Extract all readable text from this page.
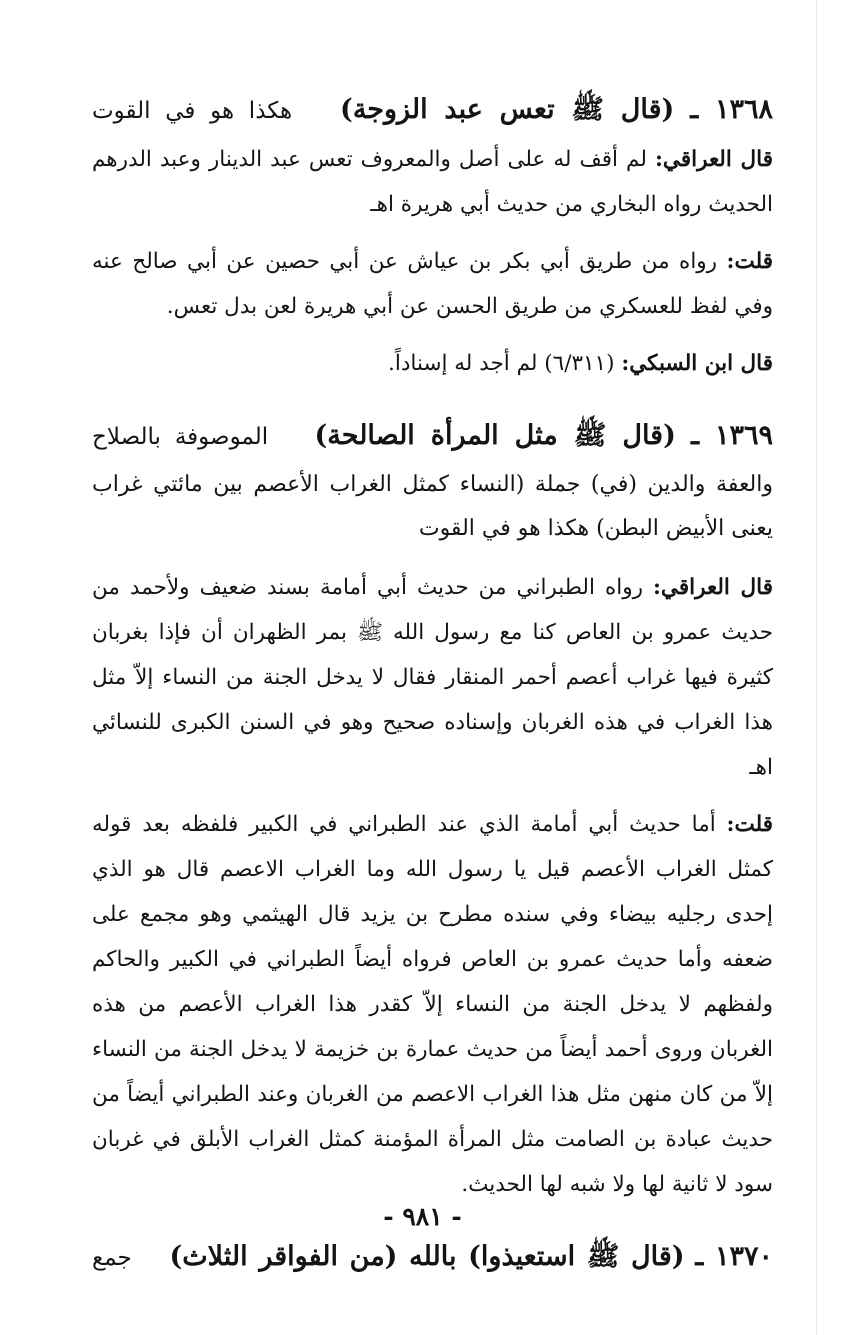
١٣٦٨ ـ (قال ﷺ تعس عبد الزوجة)  هكذا هو في القوت

قال العراقي: لم أقف له على أصل والمعروف تعس عبد الدينار وعبد الدرهم الحديث رواه البخاري من حديث أبي هريرة اهـ

قلت: رواه من طريق أبي بكر بن عياش عن أبي حصين عن أبي صالح عنه وفي لفظ للعسكري من طريق الحسن عن أبي هريرة لعن بدل تعس.

قال ابن السبكي: (٦/٣١١) لم أجد له إسناداً.

١٣٦٩ ـ (قال ﷺ مثل المرأة الصالحة)  الموصوفة بالصلاح

والعفة والدين (في) جملة (النساء كمثل الغراب الأعصم بين مائتي غراب يعنى الأبيض البطن) هكذا هو في القوت

قال العراقي: رواه الطبراني من حديث أبي أمامة بسند ضعيف ولأحمد من حديث عمرو بن العاص كنا مع رسول الله ﷺ بمر الظهران أن فإذا بغربان كثيرة فيها غراب أعصم أحمر المنقار فقال لا يدخل الجنة من النساء إلاّ مثل هذا الغراب في هذه الغربان وإسناده صحيح وهو في السنن الكبرى للنسائي اهـ

قلت: أما حديث أبي أمامة الذي عند الطبراني في الكبير فلفظه بعد قوله كمثل الغراب الأعصم قيل يا رسول الله وما الغراب الاعصم قال هو الذي إحدى رجليه بيضاء وفي سنده مطرح بن يزيد قال الهيثمي وهو مجمع على ضعفه وأما حديث عمرو بن العاص فرواه أيضاً الطبراني في الكبير والحاكم ولفظهم لا يدخل الجنة من النساء إلاّ كقدر هذا الغراب الأعصم من هذه الغربان وروى أحمد أيضاً من حديث عمارة بن خزيمة لا يدخل الجنة من النساء إلاّ من كان منهن مثل هذا الغراب الاعصم من الغربان وعند الطبراني أيضاً من حديث عبادة بن الصامت مثل المرأة المؤمنة كمثل الغراب الأبلق في غربان سود لا ثانية لها ولا شبه لها الحديث.

١٣٧٠ ـ (قال ﷺ استعيذوا) بالله (من الفواقر الثلاث)  جمع
- ٩٨١ -
